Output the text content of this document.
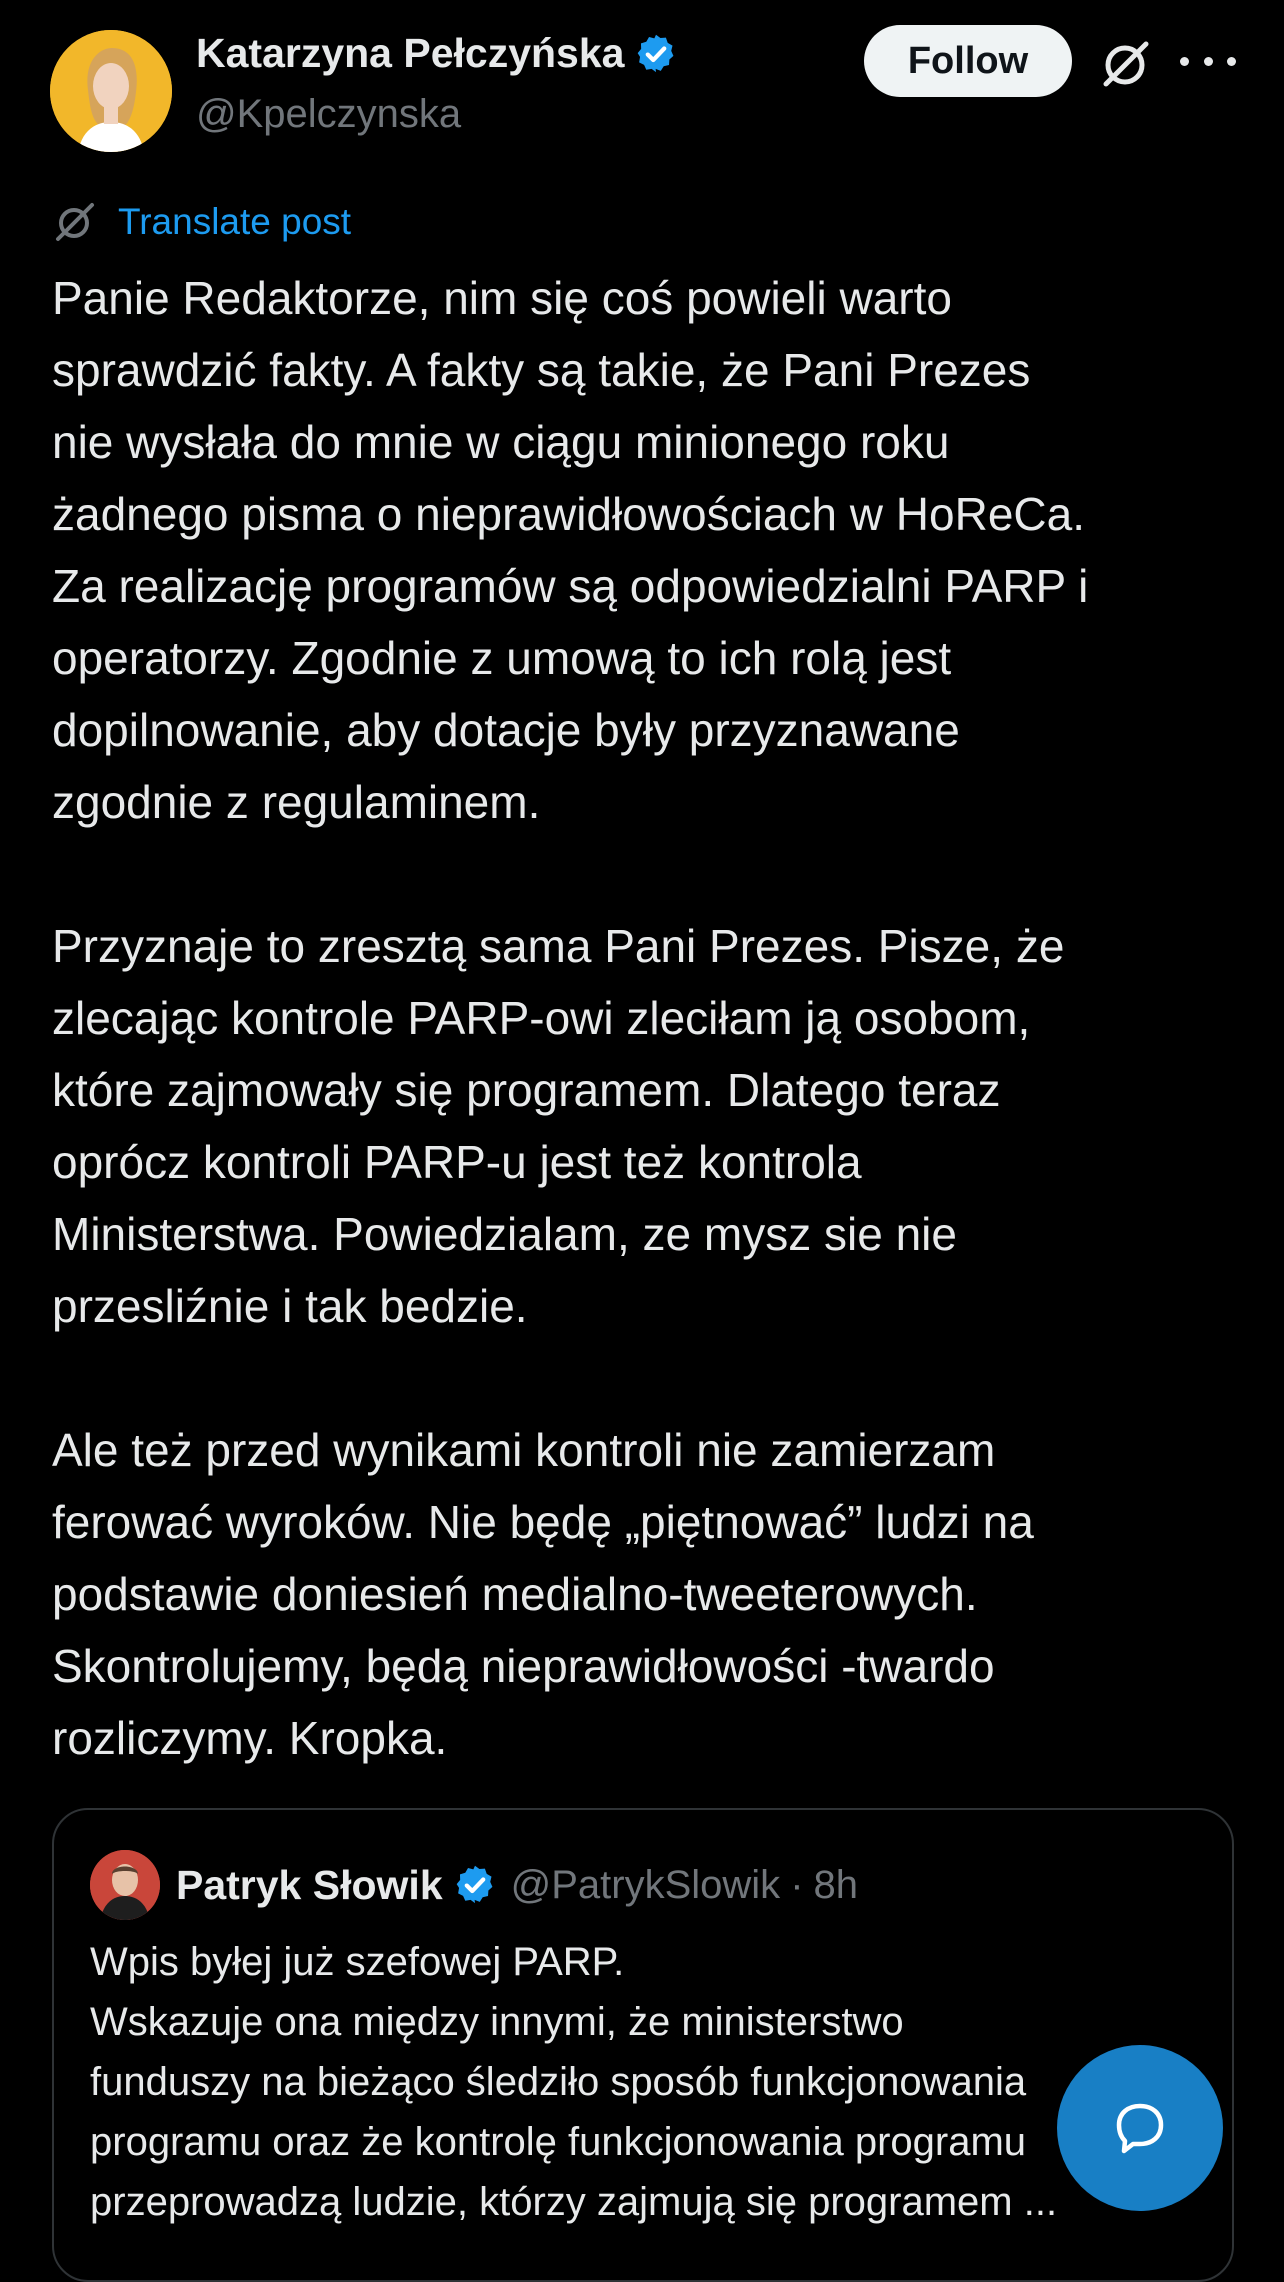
Katarzyna Pełczyńska
@Kpelczynska
Follow
Translate post

Panie Redaktorze, nim się coś powieli warto
sprawdzić fakty. A fakty są takie, że Pani Prezes
nie wysłała do mnie w ciągu minionego roku
żadnego pisma o nieprawidłowościach w HoReCa.
Za realizację programów są odpowiedzialni PARP i
operatorzy. Zgodnie z umową to ich rolą jest
dopilnowanie, aby dotacje były przyznawane
zgodnie z regulaminem.

Przyznaje to zresztą sama Pani Prezes. Pisze, że
zlecając kontrole PARP-owi zleciłam ją osobom,
które zajmowały się programem. Dlatego teraz
oprócz kontroli PARP-u jest też kontrola
Ministerstwa. Powiedzialam, ze mysz sie nie
przesliźnie i tak bedzie.

Ale też przed wynikami kontroli nie zamierzam
ferować wyroków. Nie będę „piętnować” ludzi na
podstawie doniesień medialno-tweeterowych.
Skontrolujemy, będą nieprawidłowości -twardo
rozliczymy. Kropka.

Patryk Słowik @PatrykSlowik · 8h
Wpis byłej już szefowej PARP.
Wskazuje ona między innymi, że ministerstwo
funduszy na bieżąco śledziło sposób funkcjonowania
programu oraz że kontrolę funkcjonowania programu
przeprowadzą ludzie, którzy zajmują się programem ...
